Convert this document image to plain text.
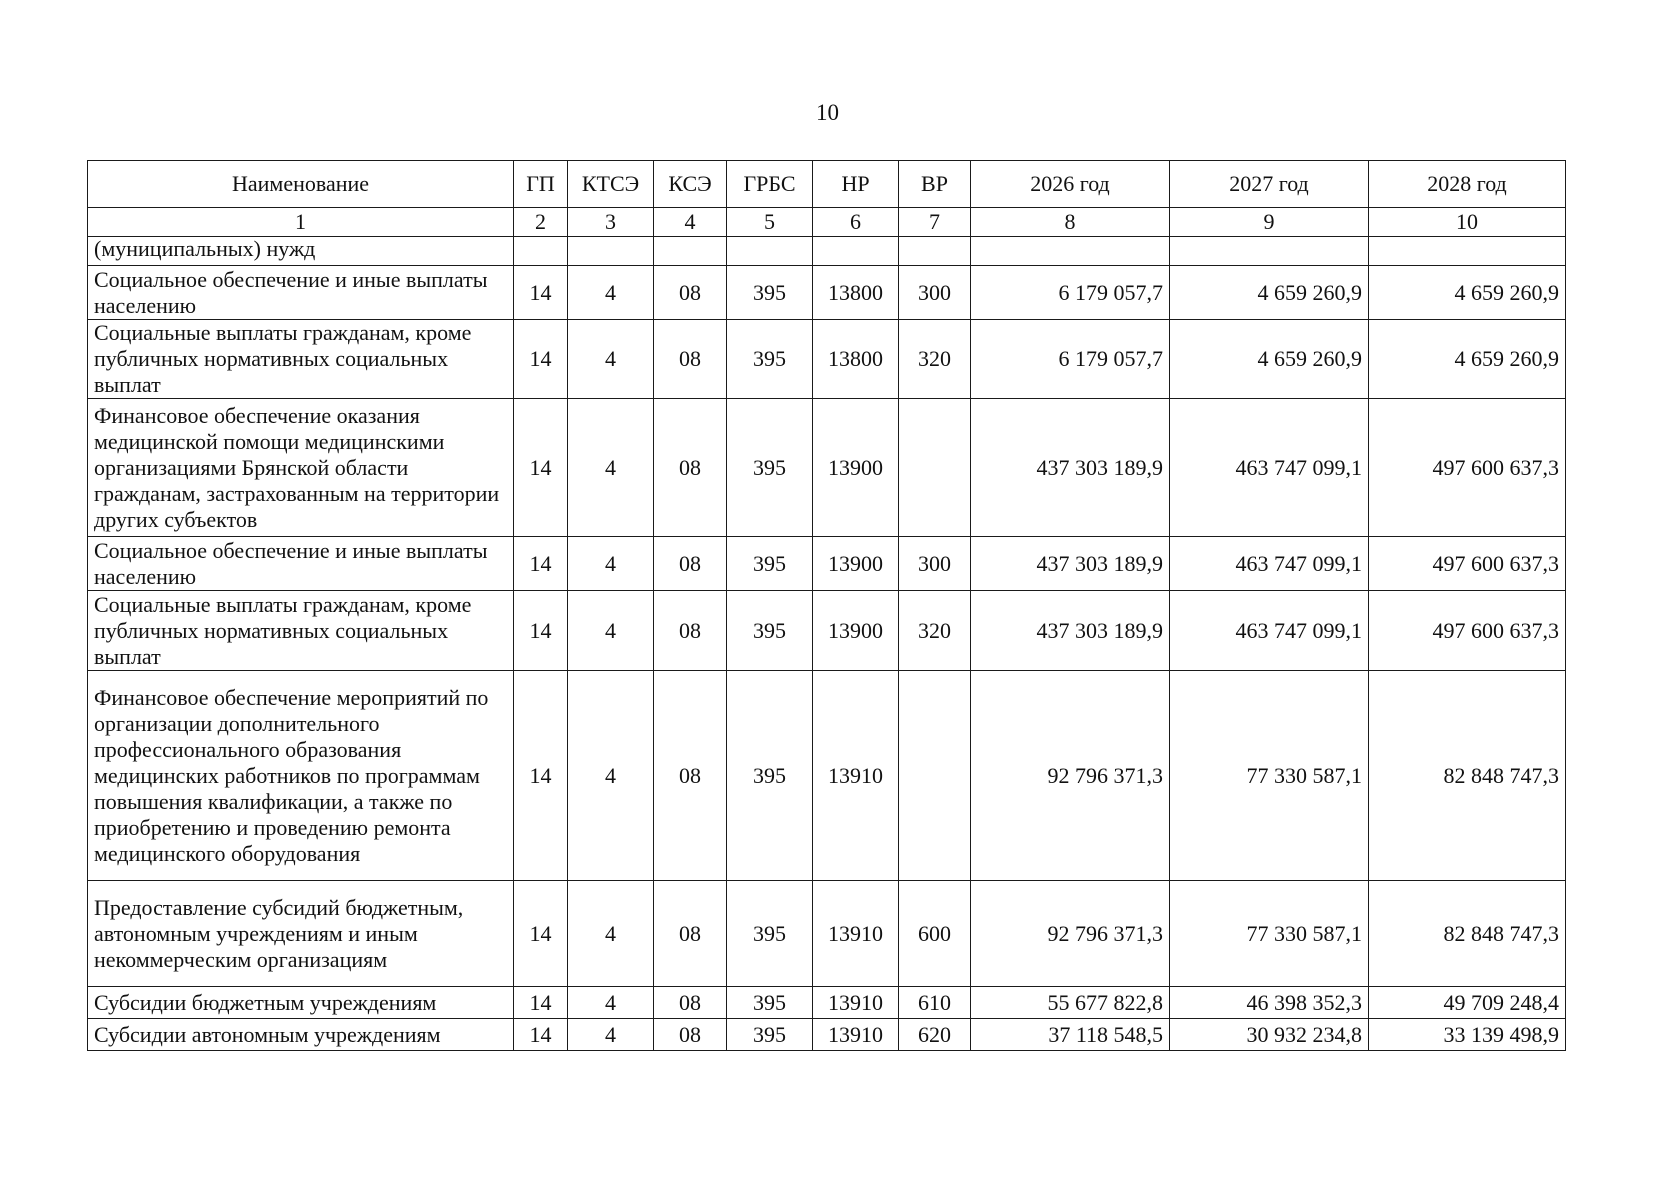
10
Наименование	ГП	КТСЭ	КСЭ	ГРБС	НР	ВР	2026 год	2027 год	2028 год
1	2	3	4	5	6	7	8	9	10
(муниципальных) нужд									
Социальное обеспечение и иные выплаты населению	14	4	08	395	13800	300	6 179 057,7	4 659 260,9	4 659 260,9
Социальные выплаты гражданам, кроме публичных нормативных социальных выплат	14	4	08	395	13800	320	6 179 057,7	4 659 260,9	4 659 260,9
Финансовое обеспечение оказания медицинской помощи медицинскими организациями Брянской области гражданам, застрахованным на территории других субъектов	14	4	08	395	13900		437 303 189,9	463 747 099,1	497 600 637,3
Социальное обеспечение и иные выплаты населению	14	4	08	395	13900	300	437 303 189,9	463 747 099,1	497 600 637,3
Социальные выплаты гражданам, кроме публичных нормативных социальных выплат	14	4	08	395	13900	320	437 303 189,9	463 747 099,1	497 600 637,3
Финансовое обеспечение мероприятий по организации дополнительного профессионального образования медицинских работников по программам повышения квалификации, а также по приобретению и проведению ремонта медицинского оборудования	14	4	08	395	13910		92 796 371,3	77 330 587,1	82 848 747,3
Предоставление субсидий бюджетным, автономным учреждениям и иным некоммерческим организациям	14	4	08	395	13910	600	92 796 371,3	77 330 587,1	82 848 747,3
Субсидии бюджетным учреждениям	14	4	08	395	13910	610	55 677 822,8	46 398 352,3	49 709 248,4
Субсидии автономным учреждениям	14	4	08	395	13910	620	37 118 548,5	30 932 234,8	33 139 498,9
